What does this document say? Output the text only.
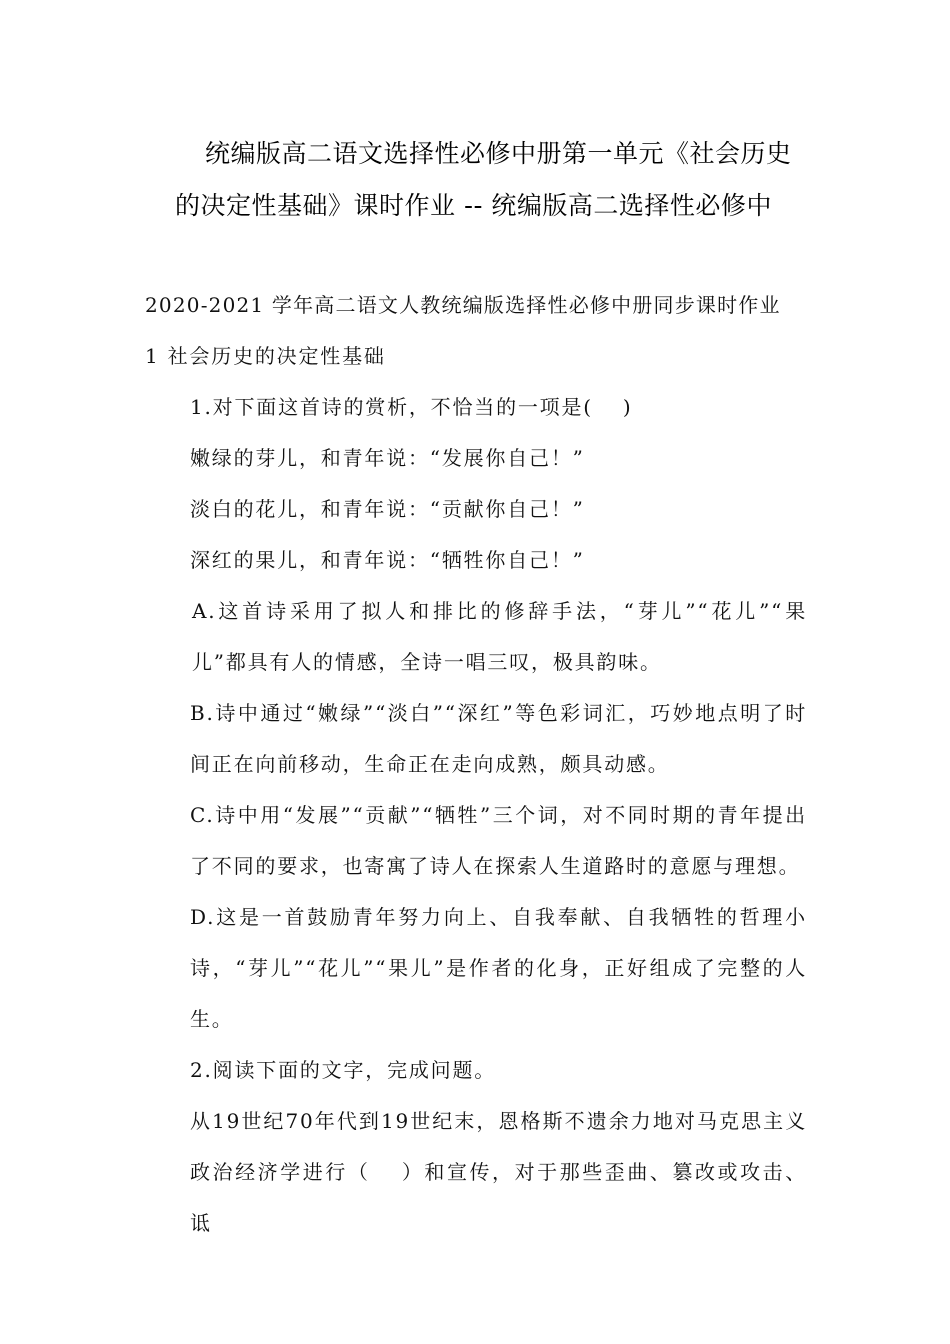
统编版高二语文选择性必修中册第一单元《社会历史
的决定性基础》课时作业 -- 统编版高二选择性必修中

2020-2021 学年高二语文人教统编版选择性必修中册同步课时作业

1 社会历史的决定性基础

1.对下面这首诗的赏析，不恰当的一项是(　 )

嫩绿的芽儿，和青年说：“发展你自己！”

淡白的花儿，和青年说：“贡献你自己！”

深红的果儿，和青年说：“牺牲你自己！”

A.这首诗采用了拟人和排比的修辞手法，“芽儿”“花儿”“果儿”都具有人的情感，全诗一唱三叹，极具韵味。

B.诗中通过“嫩绿”“淡白”“深红”等色彩词汇，巧妙地点明了时间正在向前移动，生命正在走向成熟，颇具动感。

C.诗中用“发展”“贡献”“牺牲”三个词，对不同时期的青年提出了不同的要求，也寄寓了诗人在探索人生道路时的意愿与理想。

D.这是一首鼓励青年努力向上、自我奉献、自我牺牲的哲理小诗，“芽儿”“花儿”“果儿”是作者的化身，正好组成了完整的人生。

2.阅读下面的文字，完成问题。

从19世纪70年代到19世纪末，恩格斯不遗余力地对马克思主义政治经济学进行（　 ）和宣传，对于那些歪曲、篡改或攻击、诋
